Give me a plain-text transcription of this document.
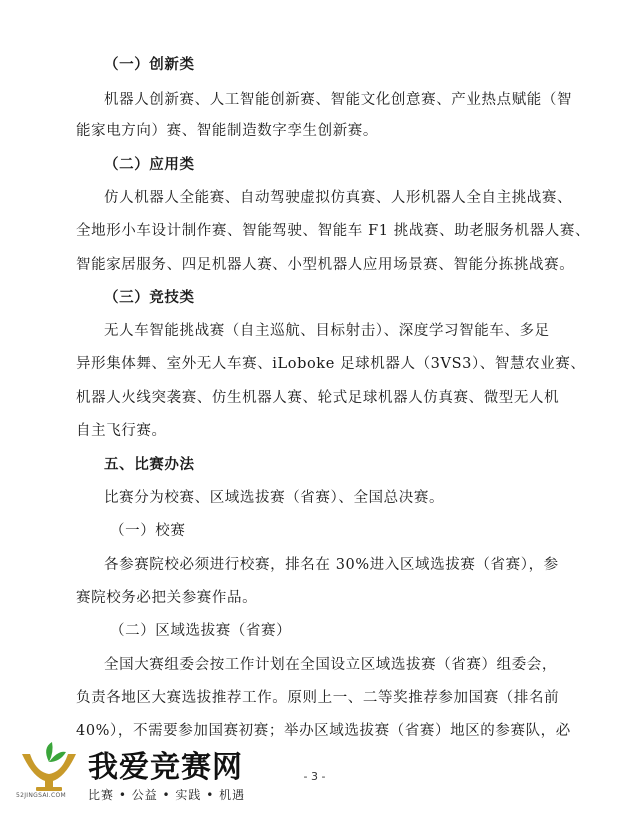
（一）创新类
机器人创新赛、人工智能创新赛、智能文化创意赛、产业热点赋能（智
能家电方向）赛、智能制造数字孪生创新赛。
（二）应用类
仿人机器人全能赛、自动驾驶虚拟仿真赛、人形机器人全自主挑战赛、
全地形小车设计制作赛、智能驾驶、智能车 F1 挑战赛、助老服务机器人赛、
智能家居服务、四足机器人赛、小型机器人应用场景赛、智能分拣挑战赛。
（三）竞技类
无人车智能挑战赛（自主巡航、目标射击）、深度学习智能车、多足
异形集体舞、室外无人车赛、iLoboke 足球机器人（3VS3）、智慧农业赛、
机器人火线突袭赛、仿生机器人赛、轮式足球机器人仿真赛、微型无人机
自主飞行赛。
五、比赛办法
比赛分为校赛、区域选拔赛（省赛）、全国总决赛。
（一）校赛
各参赛院校必须进行校赛，排名在 30%进入区域选拔赛（省赛），参
赛院校务必把关参赛作品。
（二）区域选拔赛（省赛）
全国大赛组委会按工作计划在全国设立区域选拔赛（省赛）组委会，
负责各地区大赛选拔推荐工作。原则上一、二等奖推荐参加国赛（排名前
40%），不需要参加国赛初赛；举办区域选拔赛（省赛）地区的参赛队，必
- 3 -
52JINGSAI.COM
我爱竞赛网
比赛 • 公益 • 实践 • 机遇
